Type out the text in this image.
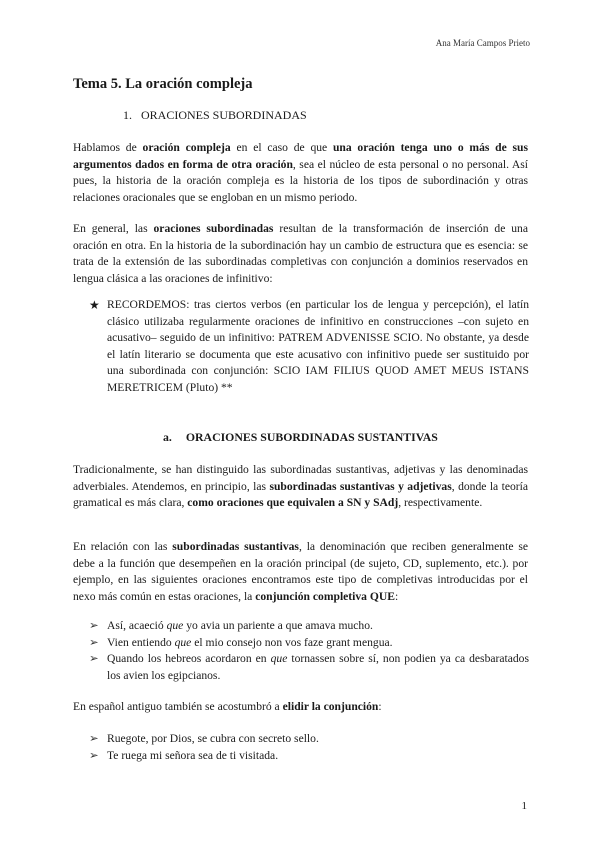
Ana María Campos Prieto
Tema 5. La oración compleja
1. ORACIONES SUBORDINADAS

Hablamos de oración compleja en el caso de que una oración tenga uno o más de sus argumentos dados en forma de otra oración, sea el núcleo de esta personal o no personal. Así pues, la historia de la oración compleja es la historia de los tipos de subordinación y otras relaciones oracionales que se engloban en un mismo periodo.

En general, las oraciones subordinadas resultan de la transformación de inserción de una oración en otra. En la historia de la subordinación hay un cambio de estructura que es esencia: se trata de la extensión de las subordinadas completivas con conjunción a dominios reservados en lengua clásica a las oraciones de infinitivo:

★ RECORDEMOS: tras ciertos verbos (en particular los de lengua y percepción), el latín clásico utilizaba regularmente oraciones de infinitivo en construcciones –con sujeto en acusativo– seguido de un infinitivo: PATREM ADVENISSE SCIO. No obstante, ya desde el latín literario se documenta que este acusativo con infinitivo puede ser sustituido por una subordinada con conjunción: SCIO IAM FILIUS QUOD AMET MEUS ISTANS MERETRICEM (Pluto) **
a. ORACIONES SUBORDINADAS SUSTANTIVAS

Tradicionalmente, se han distinguido las subordinadas sustantivas, adjetivas y las denominadas adverbiales. Atendemos, en principio, las subordinadas sustantivas y adjetivas, donde la teoría gramatical es más clara, como oraciones que equivalen a SN y SAdj, respectivamente.

En relación con las subordinadas sustantivas, la denominación que reciben generalmente se debe a la función que desempeñen en la oración principal (de sujeto, CD, suplemento, etc.). por ejemplo, en las siguientes oraciones encontramos este tipo de completivas introducidas por el nexo más común en estas oraciones, la conjunción completiva QUE:

➢ Así, acaeció que yo avia un pariente a que amava mucho.
➢ Vien entiendo que el mio consejo non vos faze grant mengua.
➢ Quando los hebreos acordaron en que tornassen sobre sí, non podien ya ca desbaratados los avien los egipcianos.

En español antiguo también se acostumbró a elidir la conjunción:

➢ Ruegote, por Dios, se cubra con secreto sello.
➢ Te ruega mi señora sea de ti visitada.
1
